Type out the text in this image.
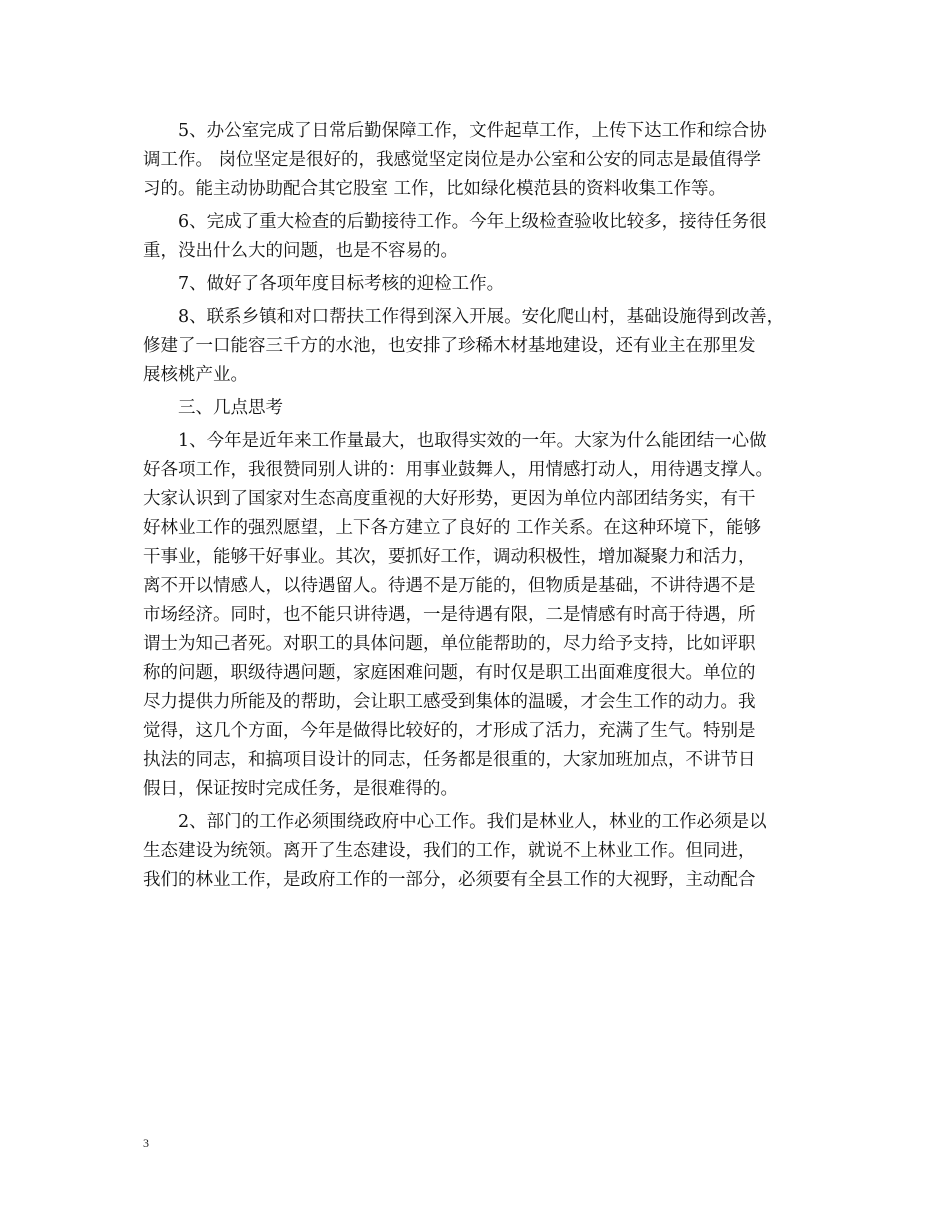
5、办公室完成了日常后勤保障工作，文件起草工作，上传下达工作和综合协

调工作。 岗位坚定是很好的，我感觉坚定岗位是办公室和公安的同志是最值得学

习的。能主动协助配合其它股室 工作，比如绿化模范县的资料收集工作等。

6、完成了重大检查的后勤接待工作。今年上级检查验收比较多，接待任务很

重，没出什么大的问题，也是不容易的。

7、做好了各项年度目标考核的迎检工作。

8、联系乡镇和对口帮扶工作得到深入开展。安化爬山村，基础设施得到改善，

修建了一口能容三千方的水池，也安排了珍稀木材基地建设，还有业主在那里发

展核桃产业。

三、几点思考

1、今年是近年来工作量最大，也取得实效的一年。大家为什么能团结一心做

好各项工作，我很赞同别人讲的：用事业鼓舞人，用情感打动人，用待遇支撑人。

大家认识到了国家对生态高度重视的大好形势，更因为单位内部团结务实，有干

好林业工作的强烈愿望，上下各方建立了良好的 工作关系。在这种环境下，能够

干事业，能够干好事业。其次，要抓好工作，调动积极性，增加凝聚力和活力，

离不开以情感人，以待遇留人。待遇不是万能的，但物质是基础，不讲待遇不是

市场经济。同时，也不能只讲待遇，一是待遇有限，二是情感有时高于待遇，所

谓士为知己者死。对职工的具体问题，单位能帮助的，尽力给予支持，比如评职

称的问题，职级待遇问题，家庭困难问题，有时仅是职工出面难度很大。单位的

尽力提供力所能及的帮助，会让职工感受到集体的温暖，才会生工作的动力。我

觉得，这几个方面，今年是做得比较好的，才形成了活力，充满了生气。特别是

执法的同志，和搞项目设计的同志，任务都是很重的，大家加班加点，不讲节日

假日，保证按时完成任务，是很难得的。

2、部门的工作必须围绕政府中心工作。我们是林业人，林业的工作必须是以

生态建设为统领。离开了生态建设，我们的工作，就说不上林业工作。但同进，

我们的林业工作，是政府工作的一部分，必须要有全县工作的大视野，主动配合

3
